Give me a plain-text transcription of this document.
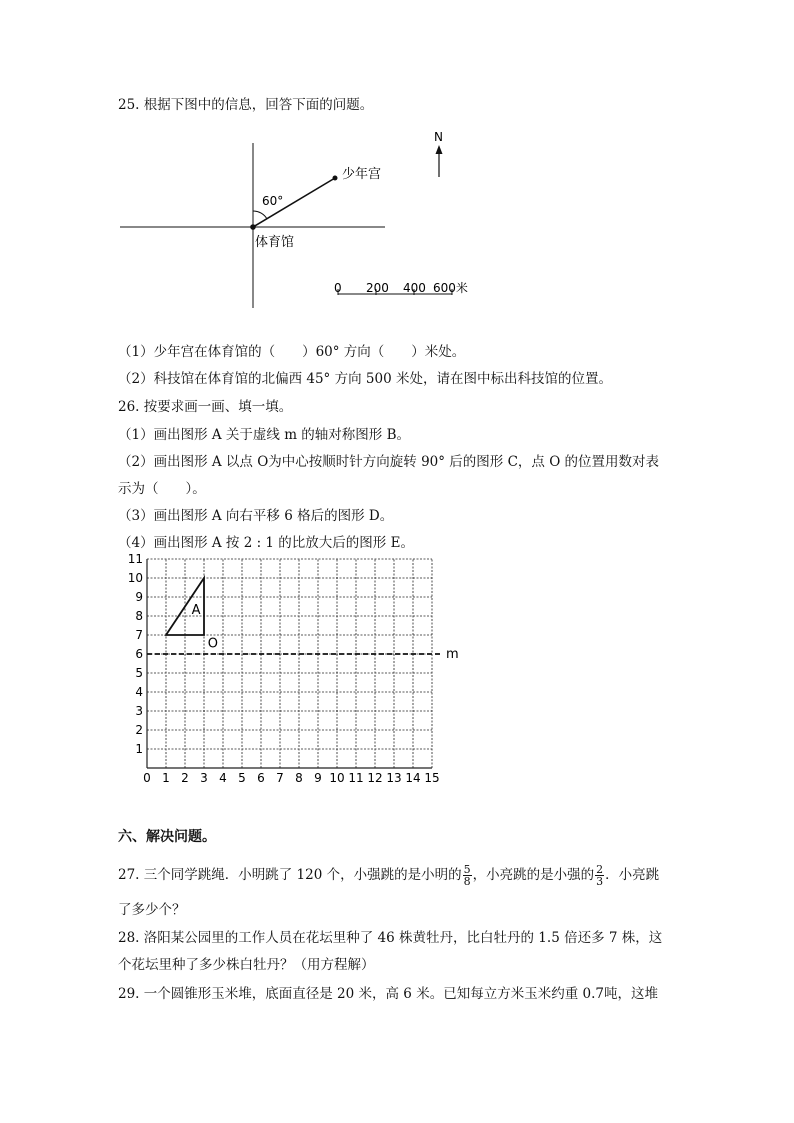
25. 根据下图中的信息，回答下面的问题。
60°
少年宫
体育馆
N
0 200 400 600米
（1）少年宫在体育馆的（　　）60° 方向（　　）米处。
（2）科技馆在体育馆的北偏西 45° 方向 500 米处，请在图中标出科技馆的位置。
26. 按要求画一画、填一填。
（1）画出图形 A 关于虚线 m 的轴对称图形 B。
（2）画出图形 A 以点 O为中心按顺时针方向旋转 90° 后的图形 C，点 O 的位置用数对表
示为（　　）。
（3）画出图形 A 向右平移 6 格后的图形 D。
（4）画出图形 A 按 2 : 1 的比放大后的图形 E。
0 1 2 3 4 5 6 7 8 9 10 11 12 13 14 15
1
2
3
4
5
6
7
8
9
10
11
m
A
O
六、解决问题。
27. 三个同学跳绳．小明跳了 120 个，小强跳的是小明的 $\frac{5}{8}$ ，小亮跳的是小强的 $\frac{2}{3}$ ．小亮跳
了多少个？
28. 洛阳某公园里的工作人员在花坛里种了 46 株黄牡丹，比白牡丹的 1.5 倍还多 7 株，这
个花坛里种了多少株白牡丹？（用方程解）
29. 一个圆锥形玉米堆，底面直径是 20 米，高 6 米。已知每立方米玉米约重 0.7吨，这堆
